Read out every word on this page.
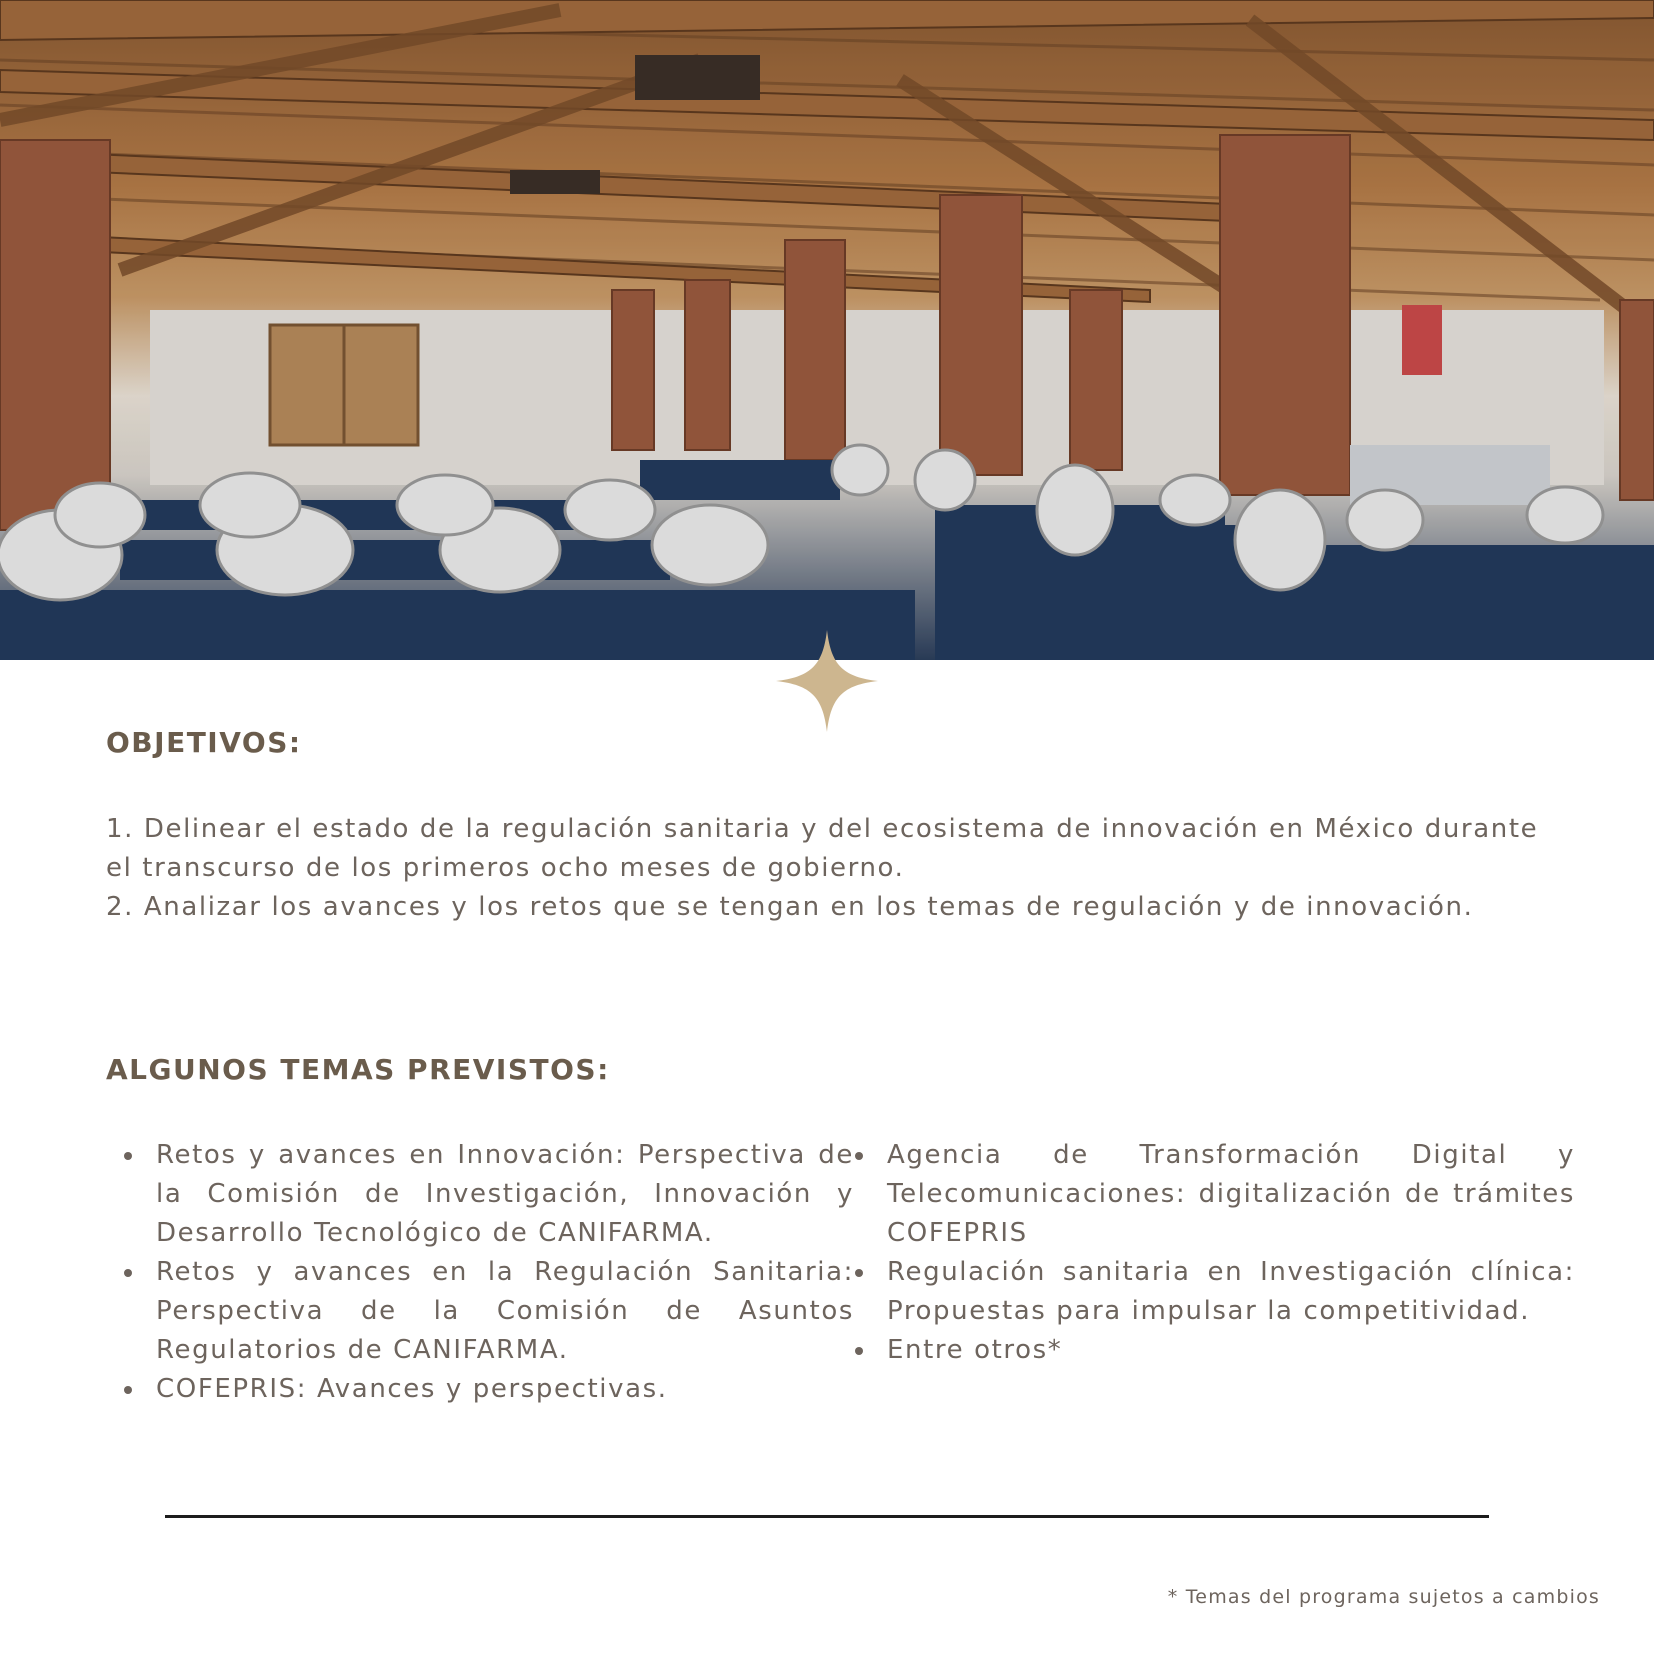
OBJETIVOS:

1. Delinear el estado de la regulación sanitaria y del ecosistema de innovación en México durante el transcurso de los primeros ocho meses de gobierno.

2. Analizar los avances y los retos que se tengan en los temas de regulación y de innovación.

ALGUNOS TEMAS PREVISTOS:
Retos y avances en Innovación: Perspectiva de la Comisión de Investigación, Innovación y Desarrollo Tecnológico de CANIFARMA.
Retos y avances en la Regulación Sanitaria: Perspectiva de la Comisión de Asuntos Regulatorios de CANIFARMA.
COFEPRIS: Avances y perspectivas.
Agencia de Transformación Digital y Telecomunicaciones: digitalización de trámites COFEPRIS
Regulación sanitaria en Investigación clínica: Propuestas para impulsar la competitividad.
Entre otros*

* Temas del programa sujetos a cambios
